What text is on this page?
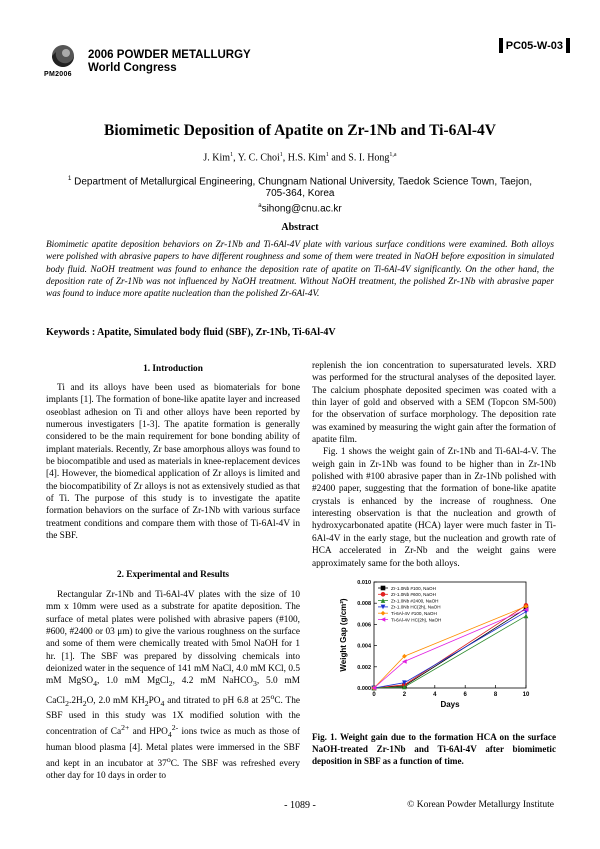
PM2006
2006 POWDER METALLURGY
World Congress
PC05-W-03
Biomimetic Deposition of Apatite on Zr-1Nb and Ti-6Al-4V
J. Kim$^1$, Y. C. Choi$^1$, H.S. Kim$^1$ and S. I. Hong$^{1,a}$
$^1$ Department of Metallurgical Engineering, Chungnam National University, Taedok Science Town, Taejon, 705-364, Korea
$^a$sihong@cnu.ac.kr
Abstract
Biomimetic apatite deposition behaviors on Zr-1Nb and Ti-6Al-4V plate with various surface conditions were examined. Both alloys were polished with abrasive papers to have different roughness and some of them were treated in NaOH before exposition in simulated body fluid. NaOH treatment was found to enhance the deposition rate of apatite on Ti-6Al-4V significantly. On the other hand, the deposition rate of Zr-1Nb was not influenced by NaOH treatment. Without NaOH treatment, the polished Zr-1Nb with abrasive paper was found to induce more apatite nucleation than the polished Zr-6Al-4V.
Keywords : Apatite, Simulated body fluid (SBF), Zr-1Nb, Ti-6Al-4V
1. Introduction

Ti and its alloys have been used as biomaterials for bone implants [1]. The formation of bone-like apatite layer and increased oseoblast adhesion on Ti and other alloys have been reported by numerous investigaters [1-3]. The apatite formation is generally considered to be the main requirement for bone bonding ability of implant materials. Recently, Zr base amorphous alloys was found to be biocompatible and used as materials in knee-replacement devices [4]. However, the biomedical application of Zr alloys is limited and the biocompatibility of Zr alloys is not as extensively studied as that of Ti. The purpose of this study is to investigate the apatite formation behaviors on the surface of Zr-1Nb with various surface treatment conditions and compare them with those of Ti-6Al-4V in the SBF.

2. Experimental and Results

Rectangular Zr-1Nb and Ti-6Al-4V plates with the size of 10 mm x 10mm were used as a substrate for apatite deposition. The surface of metal plates were polished with abrasive papers (#100, #600, #2400 or 03 μm) to give the various roughness on the surface and some of them were chemically treated with 5mol NaOH for 1 hr. [1]. The SBF was prepared by dissolving chemicals into deionized water in the sequence of 141 mM NaCl, 4.0 mM KCl, 0.5 mM MgSO$_4$, 1.0 mM MgCl$_2$, 4.2 mM NaHCO$_3$, 5.0 mM $CaCl_2.2H_2O$, 2.0 mM $KH_2PO_4$ and titrated to pH 6.8 at 25$^o$C. The SBF used in this study was 1X modified solution with the concentration of $Ca^{2+}$ and $HPO_4^{2-}$ ions twice as much as those of human blood plasma [4]. Metal plates were immersed in the SBF and kept in an incubator at 37$^o$C. The SBF was refreshed every other day for 10 days in order to

replenish the ion concentration to supersaturated levels. XRD was performed for the structural analyses of the deposited layer. The calcium phosphate deposited specimen was coated with a thin layer of gold and observed with a SEM (Topcon SM-500) for the observation of surface morphology. The deposition rate was examined by measuring the wight gain after the formation of apatite film.

Fig. 1 shows the weight gain of Zr-1Nb and Ti-6Al-4-V. The weigh gain in Zr-1Nb was found to be higher than in Zr-1Nb polished with #100 abrasive paper than in Zr-1Nb polished with #2400 paper, suggesting that the formation of bone-like apatite crystals is enhanced by the increase of roughness. One interesting observation is that the nucleation and growth of hydroxycarbonated apatite (HCA) layer were much faster in Ti-6Al-4V in the early stage, but the nucleation and growth rate of HCA accelerated in Zr-Nb and the weight gains were approximately same for the both alloys.

0.000
0.002
0.004
0.006
0.008
0.010
0	2	4	6	8	10
Days
Weight Gap (g/cm²)
Zr-1.0Nb #100, NaOH
Zr-1.0Nb #600, NaOH
Zr-1.0Nb #2400, NaOH
Zr-1.0Nb HC(2h), NaOH
Ti-6Al-4V #100, NaOH
Ti-6Al-4V HC(2h), NaOH
Fig. 1. Weight gain due to the formation HCA on the surface NaOH-treated Zr-1Nb and Ti-6Al-4V after biomimetic deposition in SBF as a function of time.
- 1089 -	© Korean Powder Metallurgy Institute
